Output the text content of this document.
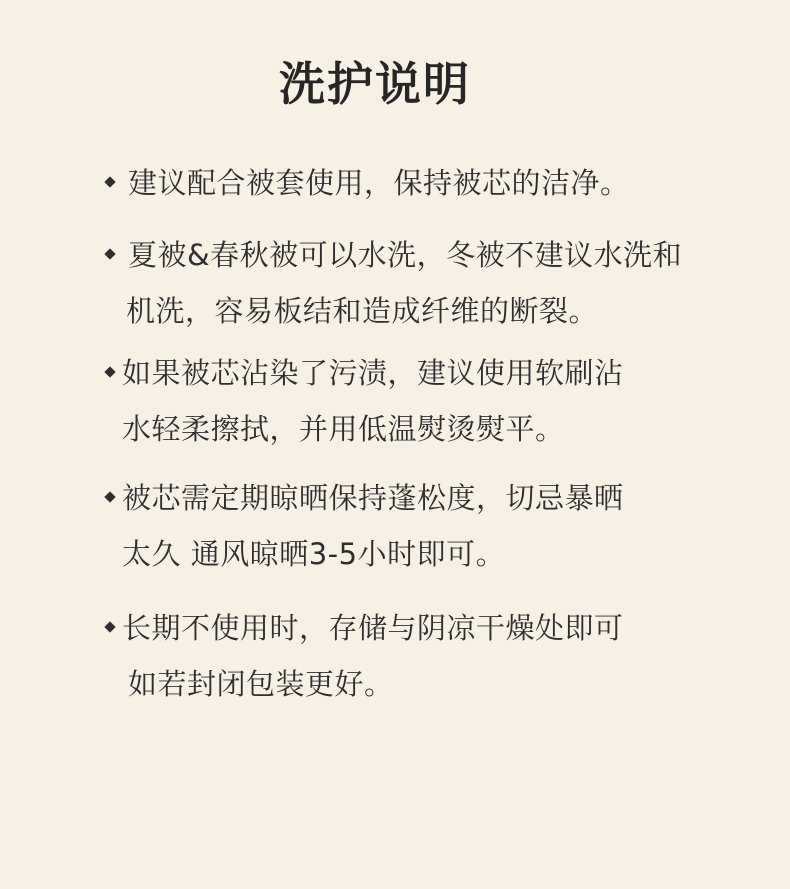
洗护说明
建议配合被套使用，保持被芯的洁净。
夏被&春秋被可以水洗，冬被不建议水洗和
机洗，容易板结和造成纤维的断裂。
如果被芯沾染了污渍，建议使用软刷沾
水轻柔擦拭，并用低温熨烫熨平。
被芯需定期晾晒保持蓬松度，切忌暴晒
太久 通风晾晒3-5小时即可。
长期不使用时，存储与阴凉干燥处即可
如若封闭包装更好。
